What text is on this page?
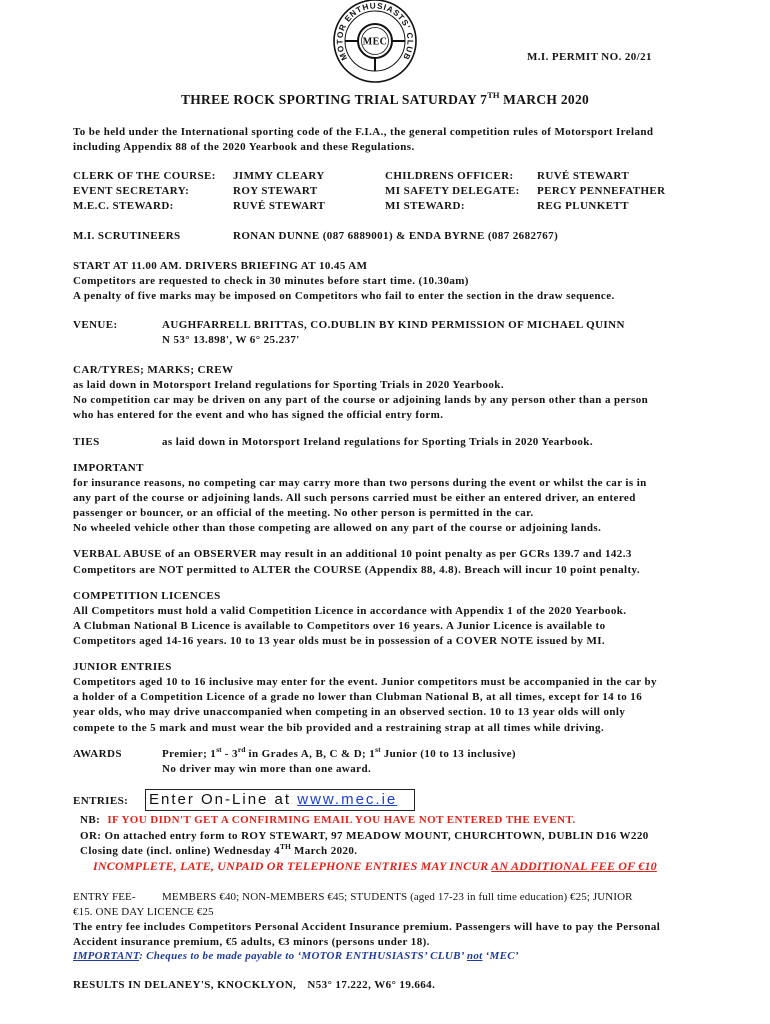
MOTOR ENTHUSIASTS' CLUB
MEC
M.I. PERMIT NO. 20/21
THREE ROCK SPORTING TRIAL SATURDAY 7TH MARCH 2020
To be held under the International sporting code of the F.I.A., the general competition rules of Motorsport Ireland
including Appendix 88 of the 2020 Yearbook and these Regulations.
CLERK OF THE COURSE: JIMMY CLEARY	CHILDRENS OFFICER: RUVÉ STEWART
EVENT SECRETARY:	ROY STEWART	MI SAFETY DELEGATE: PERCY PENNEFATHER
M.E.C. STEWARD:	RUVÉ STEWART	MI STEWARD:	REG PLUNKETT
M.I. SCRUTINEERS	RONAN DUNNE (087 6889001) & ENDA BYRNE (087 2682767)
START AT 11.00 AM. DRIVERS BRIEFING AT 10.45 AM
Competitors are requested to check in 30 minutes before start time. (10.30am)
A penalty of five marks may be imposed on Competitors who fail to enter the section in the draw sequence.
VENUE:	AUGHFARRELL BRITTAS, CO.DUBLIN BY KIND PERMISSION OF MICHAEL QUINN
N 53° 13.898', W 6° 25.237'
CAR/TYRES; MARKS; CREW
as laid down in Motorsport Ireland regulations for Sporting Trials in 2020 Yearbook.
No competition car may be driven on any part of the course or adjoining lands by any person other than a person
who has entered for the event and who has signed the official entry form.
TIES	as laid down in Motorsport Ireland regulations for Sporting Trials in 2020 Yearbook.
IMPORTANT
for insurance reasons, no competing car may carry more than two persons during the event or whilst the car is in
any part of the course or adjoining lands. All such persons carried must be either an entered driver, an entered
passenger or bouncer, or an official of the meeting. No other person is permitted in the car.
No wheeled vehicle other than those competing are allowed on any part of the course or adjoining lands.
VERBAL ABUSE of an OBSERVER may result in an additional 10 point penalty as per GCRs 139.7 and 142.3
Competitors are NOT permitted to ALTER the COURSE (Appendix 88, 4.8). Breach will incur 10 point penalty.
COMPETITION LICENCES
All Competitors must hold a valid Competition Licence in accordance with Appendix 1 of the 2020 Yearbook.
A Clubman National B Licence is available to Competitors over 16 years. A Junior Licence is available to
Competitors aged 14-16 years. 10 to 13 year olds must be in possession of a COVER NOTE issued by MI.
JUNIOR ENTRIES
Competitors aged 10 to 16 inclusive may enter for the event. Junior competitors must be accompanied in the car by
a holder of a Competition Licence of a grade no lower than Clubman National B, at all times, except for 14 to 16
year olds, who may drive unaccompanied when competing in an observed section. 10 to 13 year olds will only
compete to the 5 mark and must wear the bib provided and a restraining strap at all times while driving.
AWARDS	Premier; 1st - 3rd in Grades A, B, C & D; 1st Junior (10 to 13 inclusive)
No driver may win more than one award.
ENTRIES: Enter On-Line at www.mec.ie
NB: IF YOU DIDN'T GET A CONFIRMING EMAIL YOU HAVE NOT ENTERED THE EVENT.
OR: On attached entry form to ROY STEWART, 97 MEADOW MOUNT, CHURCHTOWN, DUBLIN D16 W220
Closing date (incl. online) Wednesday 4TH March 2020.
INCOMPLETE, LATE, UNPAID OR TELEPHONE ENTRIES MAY INCUR AN ADDITIONAL FEE OF €10
ENTRY FEE- MEMBERS €40; NON-MEMBERS €45; STUDENTS (aged 17-23 in full time education) €25; JUNIOR
€15. ONE DAY LICENCE €25
The entry fee includes Competitors Personal Accident Insurance premium. Passengers will have to pay the Personal
Accident insurance premium, €5 adults, €3 minors (persons under 18).
IMPORTANT: Cheques to be made payable to ‘MOTOR ENTHUSIASTS’ CLUB’ not ‘MEC’
RESULTS IN DELANEY'S, KNOCKLYON, N53° 17.222, W6° 19.664.
